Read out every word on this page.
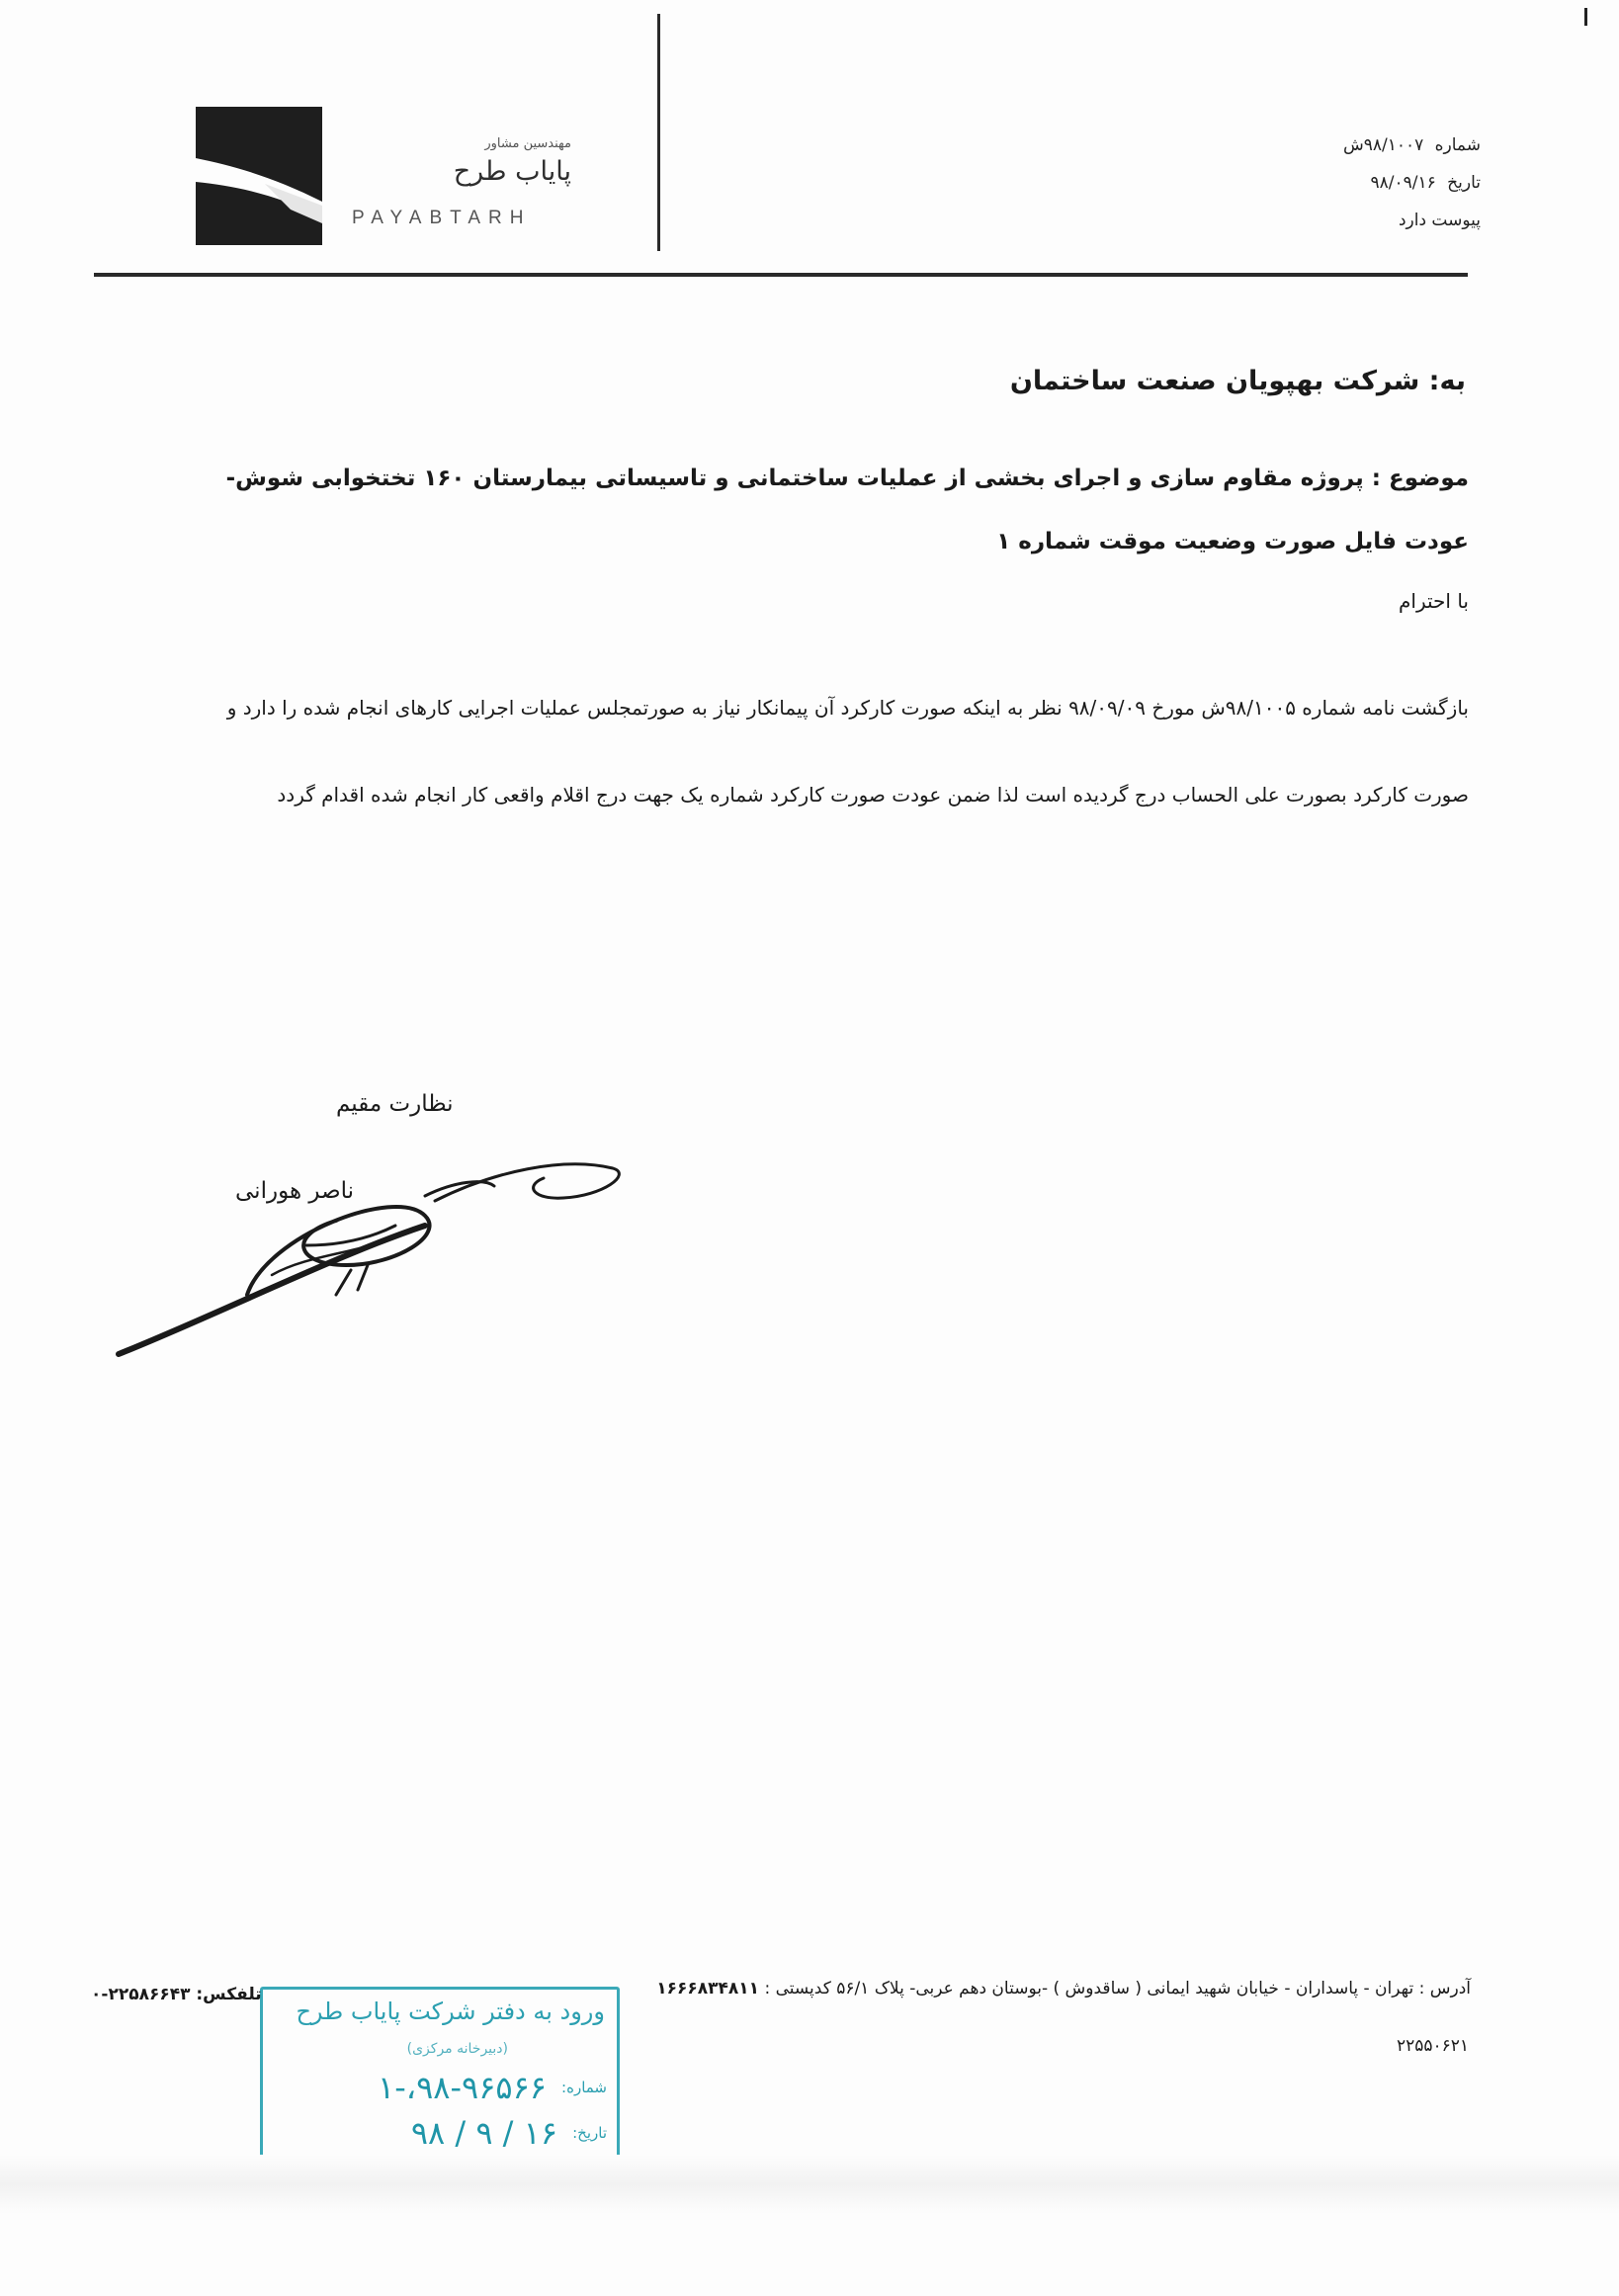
مهندسین مشاور
پایاب طرح
PAYABTARH
شماره ۹۸/۱۰۰۷ش
تاریخ ۹۸/۰۹/۱۶
پیوست دارد
به: شرکت بهپویان صنعت ساختمان
موضوع : پروژه مقاوم سازی و اجرای بخشی از عملیات ساختمانی و تاسیساتی بیمارستان ۱۶۰ تختخوابی شوش- عودت فایل صورت وضعیت موقت شماره ۱
با احترام
بازگشت نامه شماره ۹۸/۱۰۰۵ش مورخ ۹۸/۰۹/۰۹ نظر به اینکه صورت کارکرد آن پیمانکار نیاز به صورتمجلس عملیات اجرایی کارهای انجام شده را دارد و صورت کارکرد بصورت علی الحساب درج گردیده است لذا ضمن عودت صورت کارکرد شماره یک جهت درج اقلام واقعی کار انجام شده اقدام گردد
نظارت مقیم
ناصر هورانی
ورود به دفتر شرکت پایاب طرح
(دبیرخانه مرکزی)
شماره: ۱-،۹۸-۹۶۵۶۶
تاریخ: ۹۸ / ۹ / ۱۶
آدرس : تهران - پاسداران - خیابان شهید ایمانی ( ساقدوش ) -بوستان دهم عربی- پلاک ۵۶/۱ کدپستی : ۱۶۶۶۸۳۴۸۱۱
تلفکس: ۲۲۵۸۶۶۴۳-۰
۲۲۵۵۰۶۲۱
